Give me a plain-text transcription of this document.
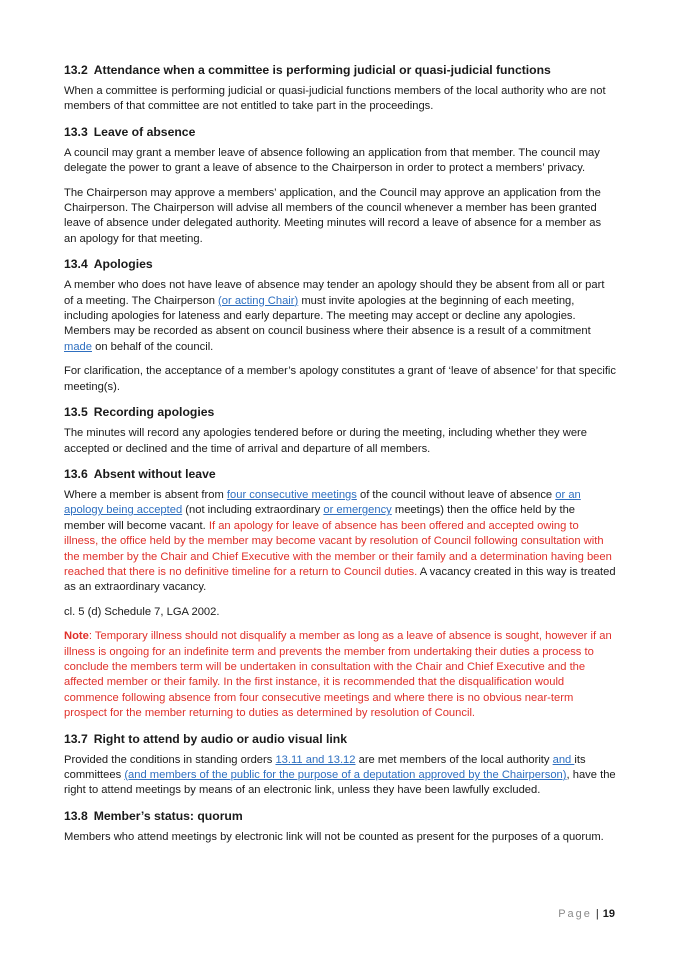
13.2 Attendance when a committee is performing judicial or quasi-judicial functions

When a committee is performing judicial or quasi-judicial functions members of the local authority who are not members of that committee are not entitled to take part in the proceedings.

13.3 Leave of absence

A council may grant a member leave of absence following an application from that member. The council may delegate the power to grant a leave of absence to the Chairperson in order to protect a members’ privacy.

The Chairperson may approve a members’ application, and the Council may approve an application from the Chairperson. The Chairperson will advise all members of the council whenever a member has been granted leave of absence under delegated authority. Meeting minutes will record a leave of absence for a member as an apology for that meeting.

13.4 Apologies

A member who does not have leave of absence may tender an apology should they be absent from all or part of a meeting. The Chairperson (or acting Chair) must invite apologies at the beginning of each meeting, including apologies for lateness and early departure. The meeting may accept or decline any apologies. Members may be recorded as absent on council business where their absence is a result of a commitment made on behalf of the council.

For clarification, the acceptance of a member’s apology constitutes a grant of ‘leave of absence’ for that specific meeting(s).

13.5 Recording apologies

The minutes will record any apologies tendered before or during the meeting, including whether they were accepted or declined and the time of arrival and departure of all members.

13.6 Absent without leave

Where a member is absent from four consecutive meetings of the council without leave of absence or an apology being accepted (not including extraordinary or emergency meetings) then the office held by the member will become vacant. If an apology for leave of absence has been offered and accepted owing to illness, the office held by the member may become vacant by resolution of Council following consultation with the member by the Chair and Chief Executive with the member or their family and a determination having been reached that there is no definitive timeline for a return to Council duties. A vacancy created in this way is treated as an extraordinary vacancy.

cl. 5 (d) Schedule 7, LGA 2002.

Note: Temporary illness should not disqualify a member as long as a leave of absence is sought, however if an illness is ongoing for an indefinite term and prevents the member from undertaking their duties a process to conclude the members term will be undertaken in consultation with the Chair and Chief Executive and the affected member or their family. In the first instance, it is recommended that the disqualification would commence following absence from four consecutive meetings and where there is no obvious near-term prospect for the member returning to duties as determined by resolution of Council.

13.7 Right to attend by audio or audio visual link

Provided the conditions in standing orders 13.11 and 13.12 are met members of the local authority and its committees (and members of the public for the purpose of a deputation approved by the Chairperson), have the right to attend meetings by means of an electronic link, unless they have been lawfully excluded.

13.8 Member’s status: quorum

Members who attend meetings by electronic link will not be counted as present for the purposes of a quorum.

Page | 19
